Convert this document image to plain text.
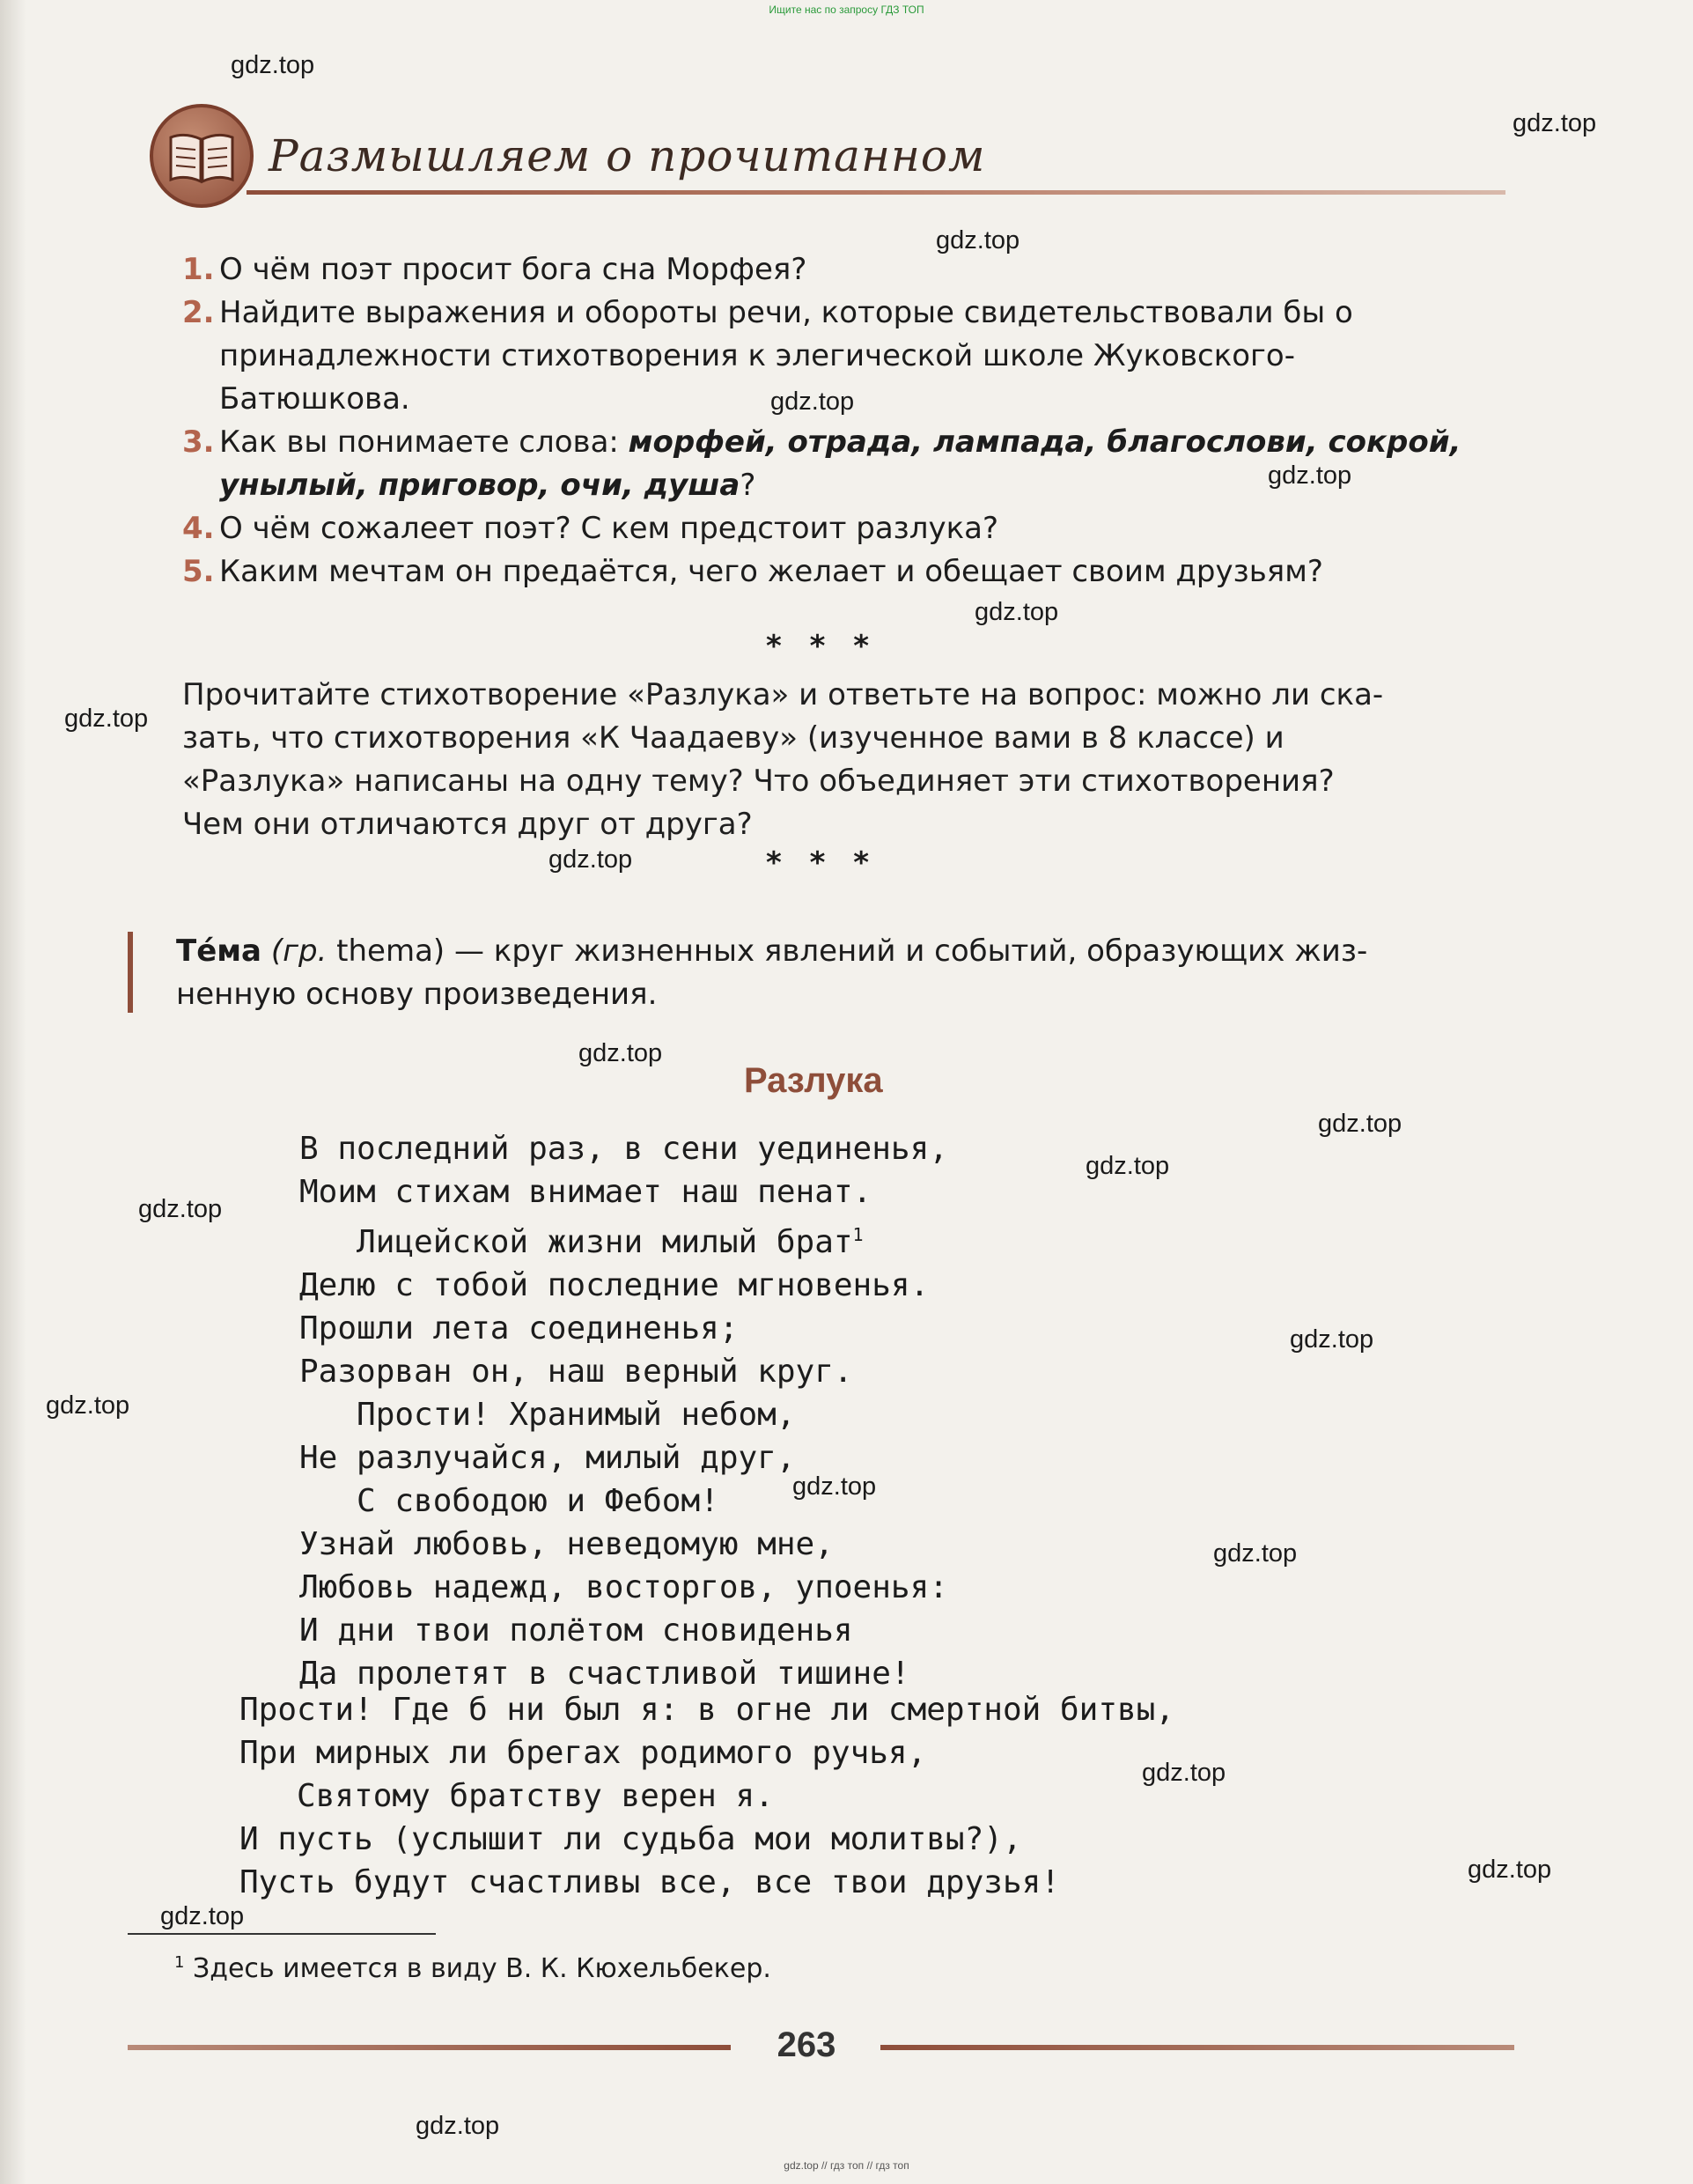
Ищите нас по запросу ГДЗ ТОП
gdz.top
gdz.top
gdz.top
gdz.top
gdz.top
gdz.top
gdz.top
gdz.top
gdz.top
gdz.top
gdz.top
gdz.top
gdz.top
gdz.top
gdz.top
gdz.top
gdz.top
gdz.top
gdz.top
gdz.top
Размышляем о прочитанном
1. О чём поэт просит бога сна Морфея?
2. Найдите выражения и обороты речи, которые свидетельствовали бы о
принадлежности стихотворения к элегической школе Жуковского-
Батюшкова.
3. Как вы понимаете слова: морфей, отрада, лампада, благослови, сокрой,
унылый, приговор, очи, душа?
4. О чём сожалеет поэт? С кем предстоит разлука?
5. Каким мечтам он предаётся, чего желает и обещает своим друзьям?
* * *
Прочитайте стихотворение «Разлука» и ответьте на вопрос: можно ли ска-
зать, что стихотворения «К Чаадаеву» (изученное вами в 8 классе) и
«Разлука» написаны на одну тему? Что объединяет эти стихотворения?
Чем они отличаются друг от друга?
* * *
Те́ма (гр. thema) — круг жизненных явлений и событий, образующих жиз-
ненную основу произведения.
Разлука
В последний раз, в сени уединенья,
Моим стихам внимает наш пенат.
Лицейской жизни милый брат$^1$
Делю с тобой последние мгновенья.
Прошли лета соединенья;
Разорван он, наш верный круг.
Прости! Хранимый небом,
Не разлучайся, милый друг,
С свободою и Фебом!
Узнай любовь, неведомую мне,
Любовь надежд, восторгов, упоенья:
И дни твои полётом сновиденья
Да пролетят в счастливой тишине!
Прости! Где б ни был я: в огне ли смертной битвы,
При мирных ли брегах родимого ручья,
Святому братству верен я.
И пусть (услышит ли судьба мои молитвы?),
Пусть будут счастливы все, все твои друзья!
$^1$ Здесь имеется в виду В. К. Кюхельбекер.
263
gdz.top // гдз топ // гдз топ
